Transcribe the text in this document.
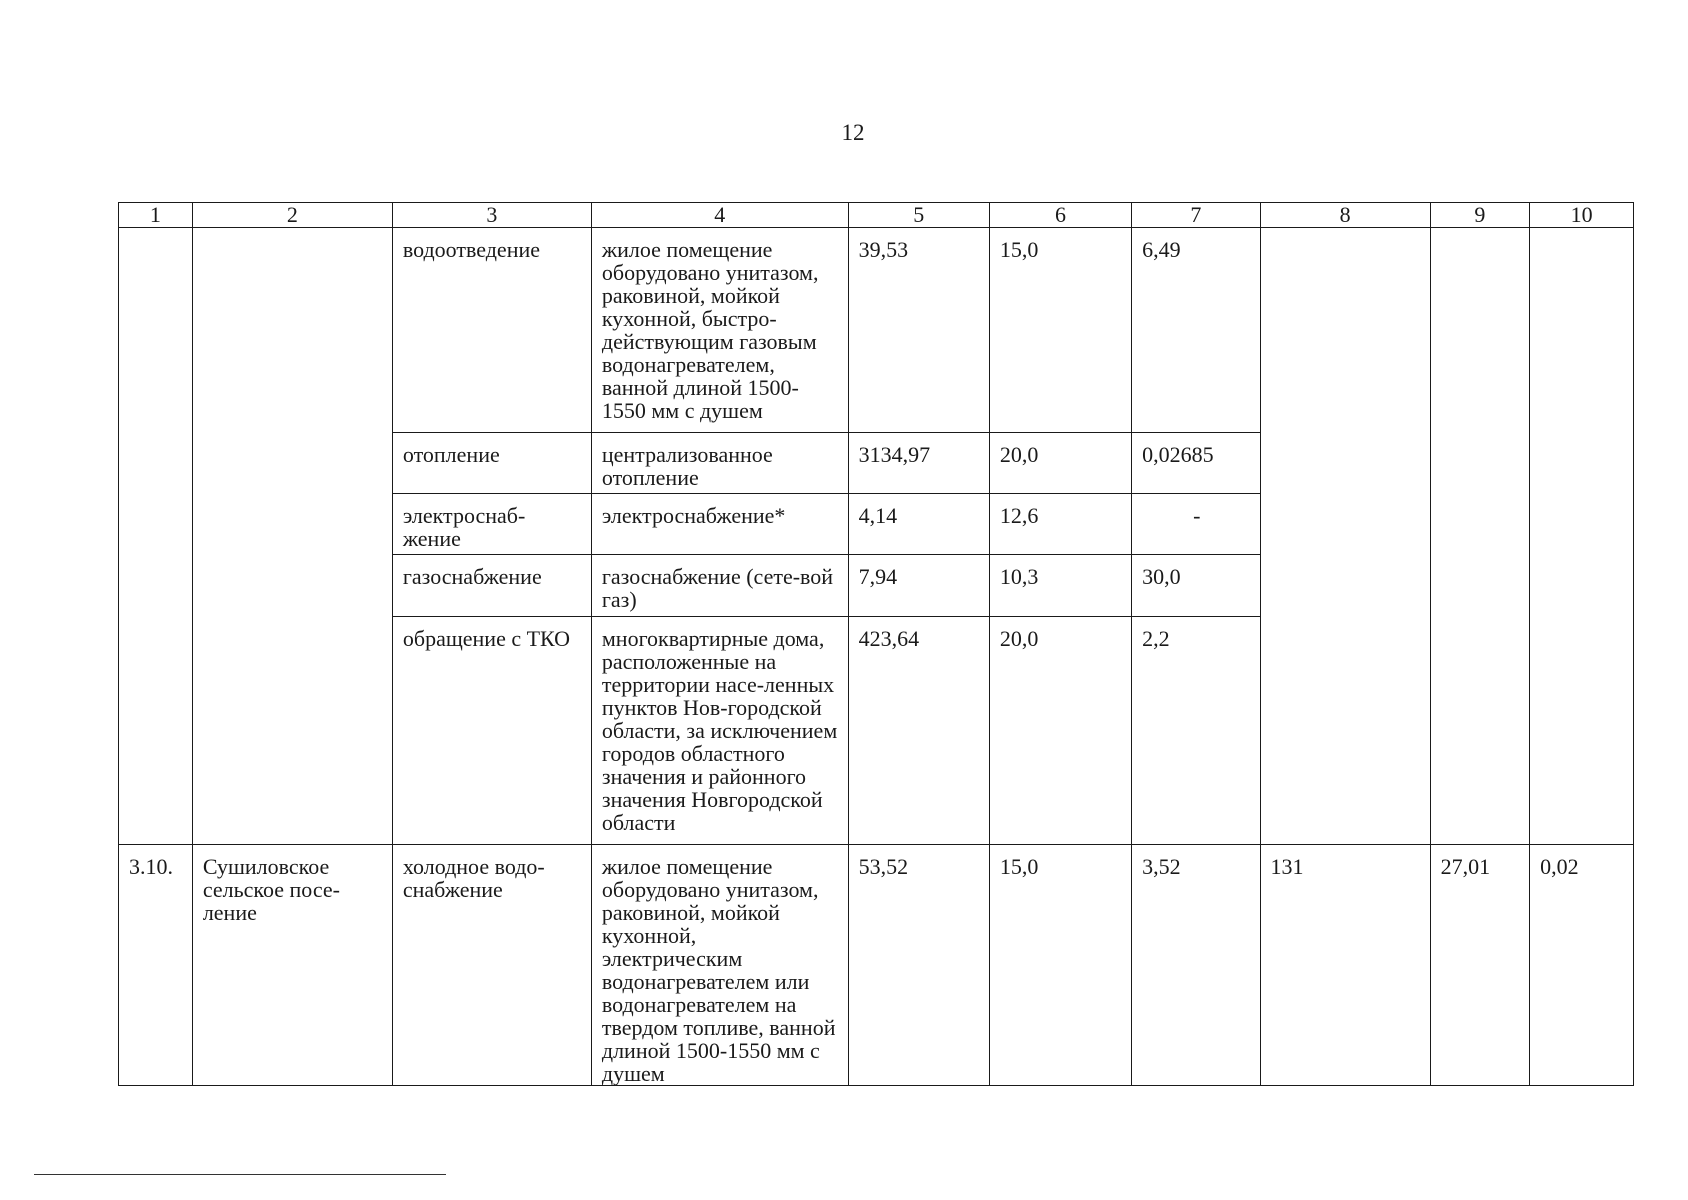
12
1	2	3	4	5	6	7	8	9	10
		водоотведение	жилое помещение оборудовано унитазом, раковиной, мойкой кухонной, быстро-действующим газовым водонагревателем, ванной длиной 1500-1550 мм с душем	39,53	15,0	6,49			
		отопление	централизованное отопление	3134,97	20,0	0,02685			
		электроснаб-жение	электроснабжение*	4,14	12,6	-			
		газоснабжение	газоснабжение (сете-вой газ)	7,94	10,3	30,0			
		обращение с ТКО	многоквартирные дома, расположенные на территории насе-ленных пунктов Нов-городской области, за исключением городов областного значения и районного значения Новгородской области	423,64	20,0	2,2			
3.10.	Сушиловское сельское посе-ление	холодное водо-снабжение	жилое помещение оборудовано унитазом, раковиной, мойкой кухонной, электрическим водонагревателем или водонагревателем на твердом топливе, ванной длиной 1500-1550 мм с душем	53,52	15,0	3,52	131	27,01	0,02
